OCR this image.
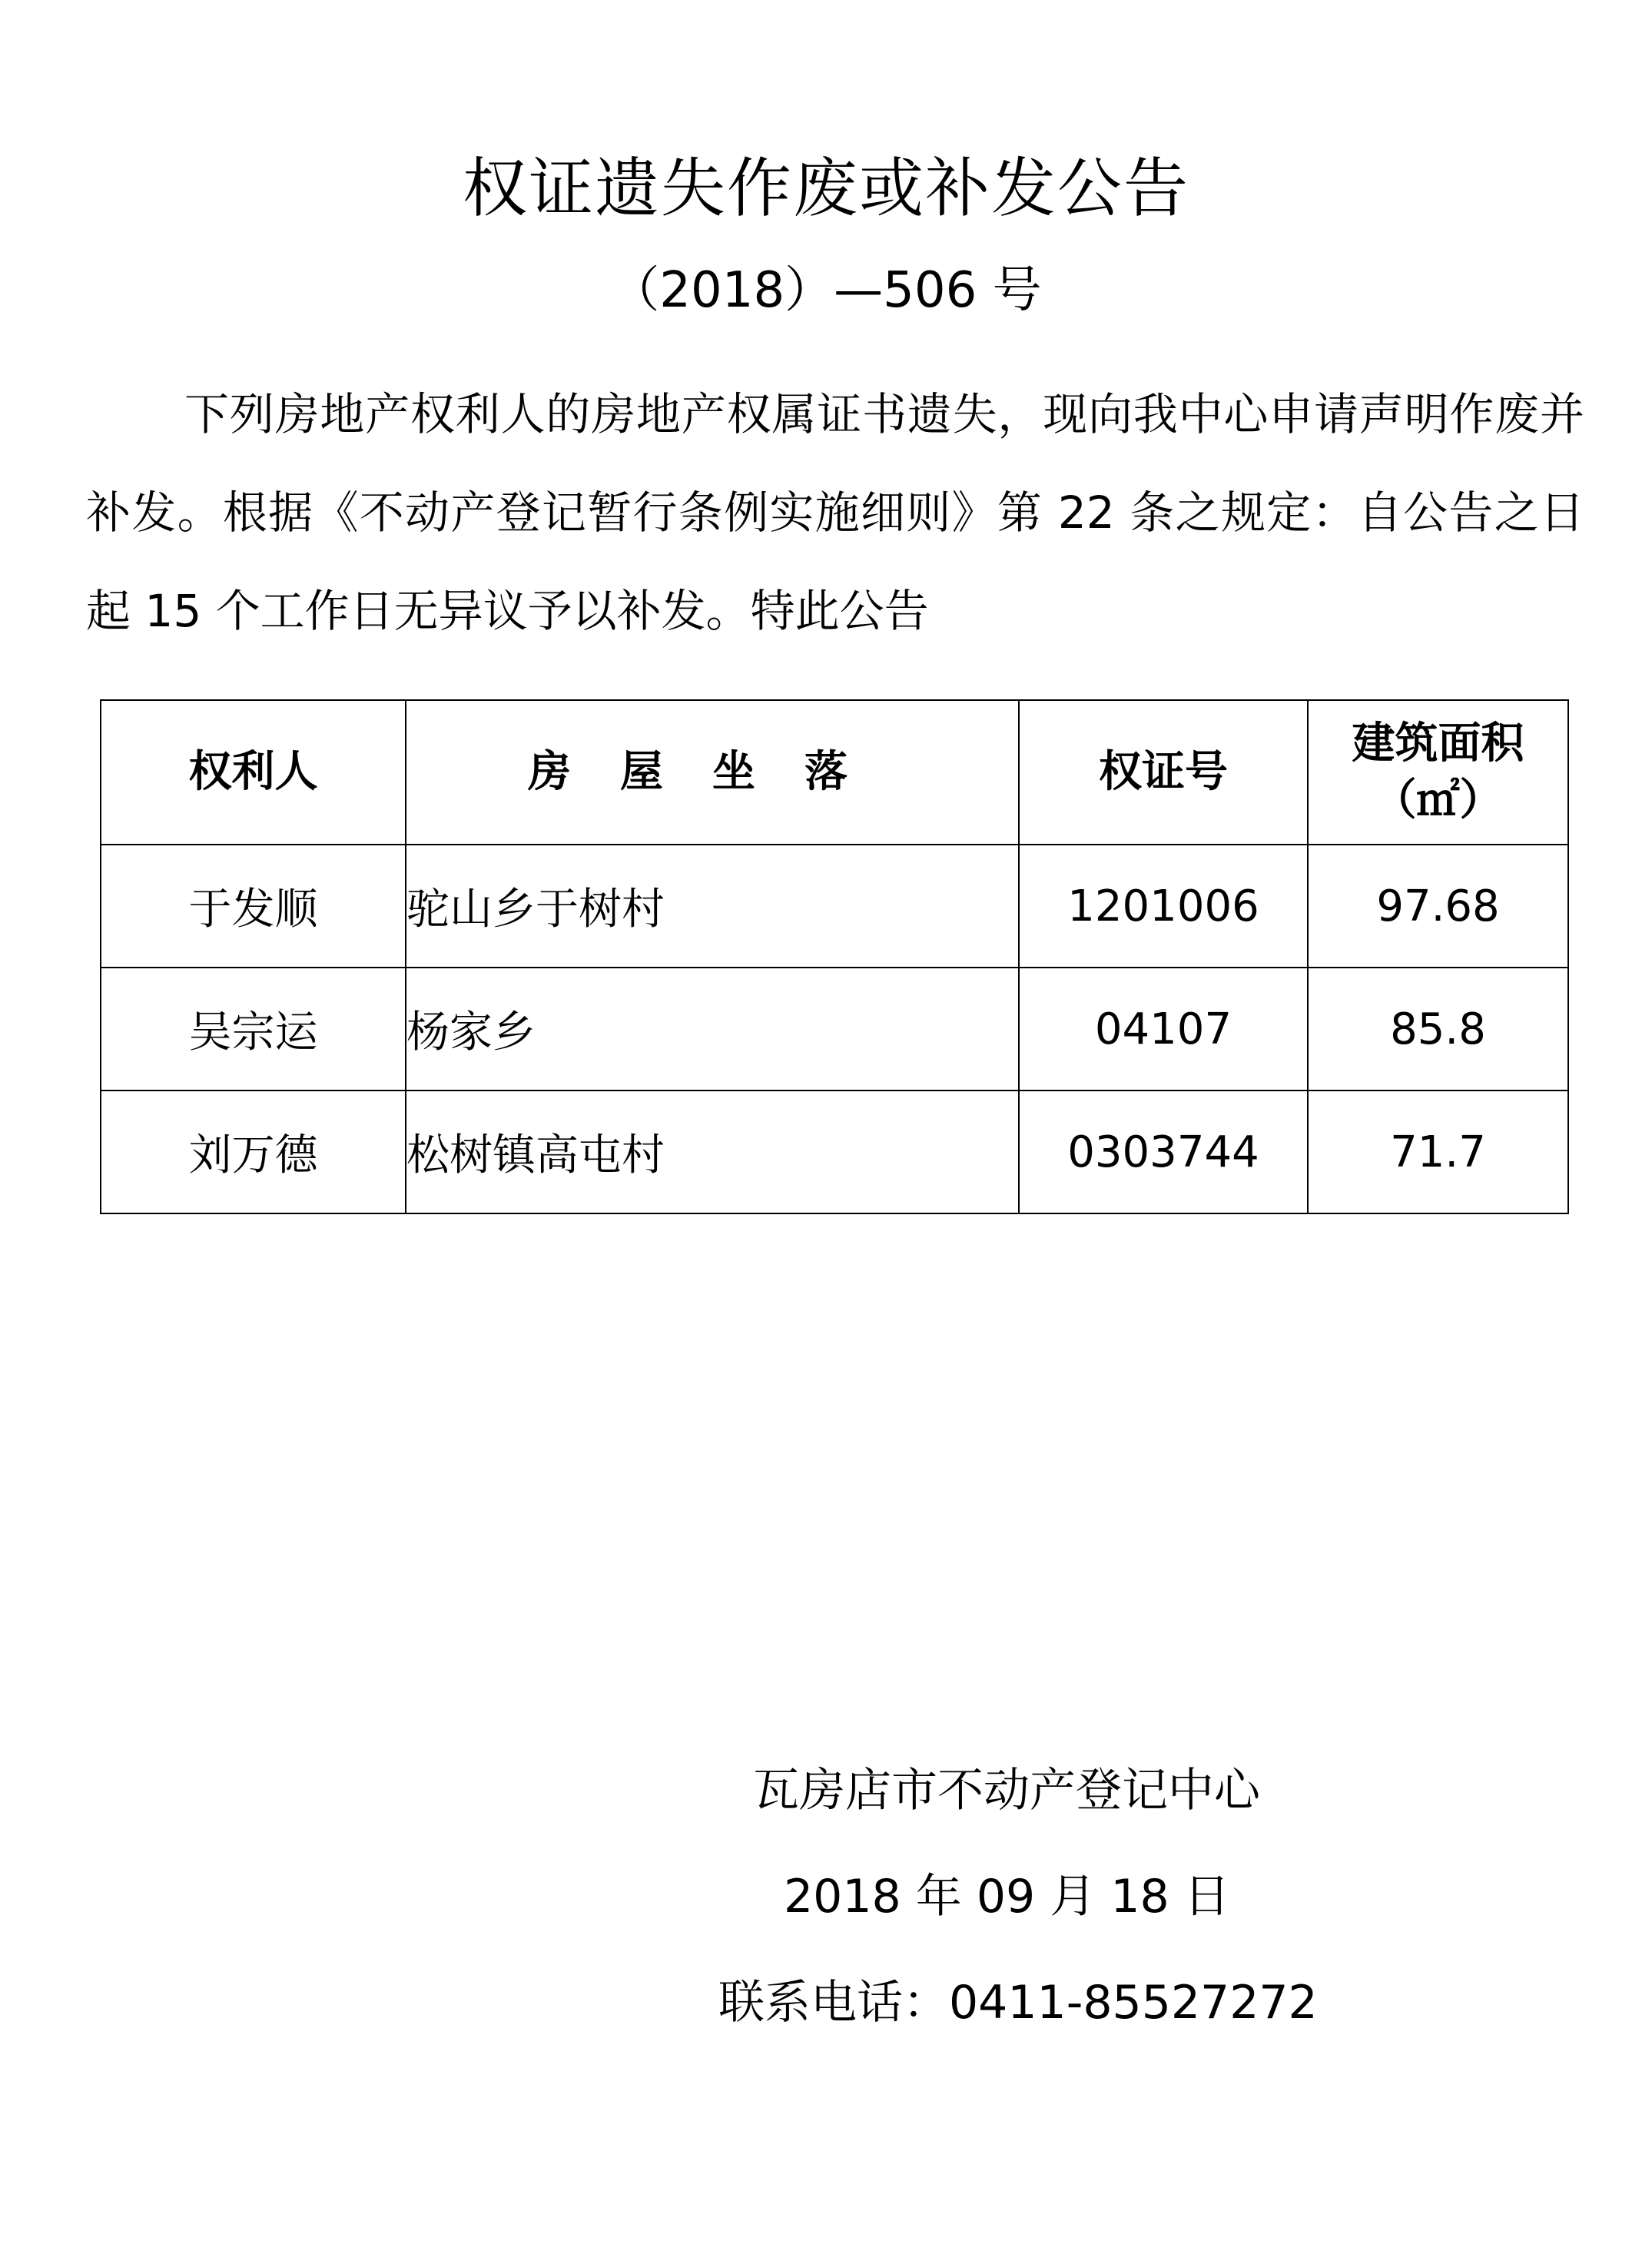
权证遗失作废或补发公告
（2018）—506 号
下列房地产权利人的房地产权属证书遗失，现向我中心申请声明作废并补发。根据《不动产登记暂行条例实施细则》第 22 条之规定：自公告之日起 15 个工作日无异议予以补发。特此公告
权利人	房屋坐落	权证号	建筑面积
（㎡）

于发顺	驼山乡于树村	1201006	97.68
吴宗运	杨家乡	04107	85.8
刘万德	松树镇高屯村	0303744	71.7
瓦房店市不动产登记中心
2018 年 09 月 18 日
联系电话：0411-85527272
